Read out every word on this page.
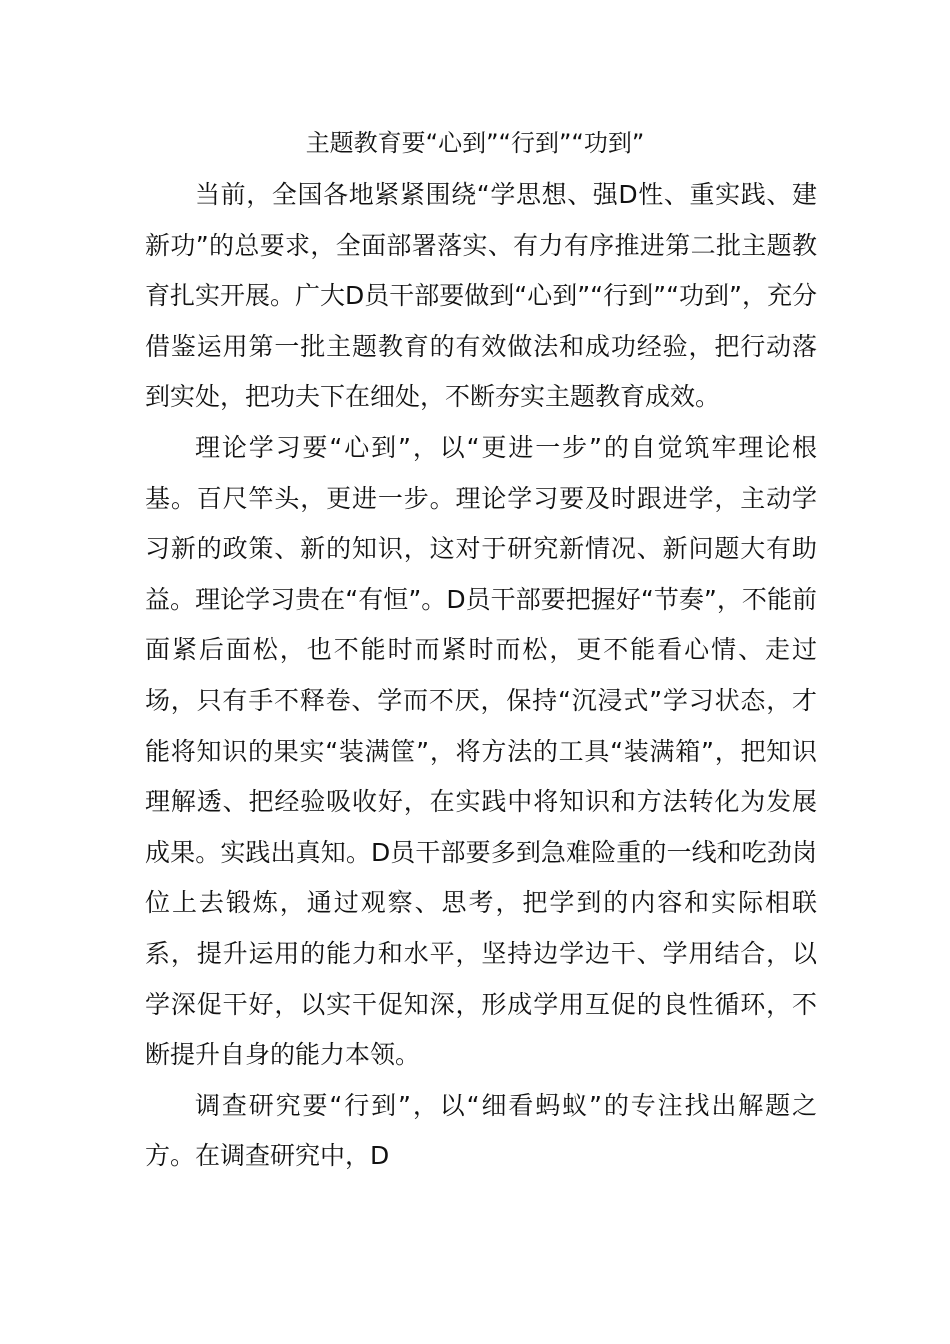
主题教育要“心到”“行到”“功到”

当前，全国各地紧紧围绕“学思想、强D性、重实践、建新功”的总要求，全面部署落实、有力有序推进第二批主题教育扎实开展。广大D员干部要做到“心到”“行到”“功到”，充分借鉴运用第一批主题教育的有效做法和成功经验，把行动落到实处，把功夫下在细处，不断夯实主题教育成效。

理论学习要“心到”，以“更进一步”的自觉筑牢理论根基。百尺竿头，更进一步。理论学习要及时跟进学，主动学习新的政策、新的知识，这对于研究新情况、新问题大有助益。理论学习贵在“有恒”。D员干部要把握好“节奏”，不能前面紧后面松，也不能时而紧时而松，更不能看心情、走过场，只有手不释卷、学而不厌，保持“沉浸式”学习状态，才能将知识的果实“装满筐”，将方法的工具“装满箱”，把知识理解透、把经验吸收好，在实践中将知识和方法转化为发展成果。实践出真知。D员干部要多到急难险重的一线和吃劲岗位上去锻炼，通过观察、思考，把学到的内容和实际相联系，提升运用的能力和水平，坚持边学边干、学用结合，以学深促干好，以实干促知深，形成学用互促的良性循环，不断提升自身的能力本领。

调查研究要“行到”，以“细看蚂蚁”的专注找出解题之方。在调查研究中，D
